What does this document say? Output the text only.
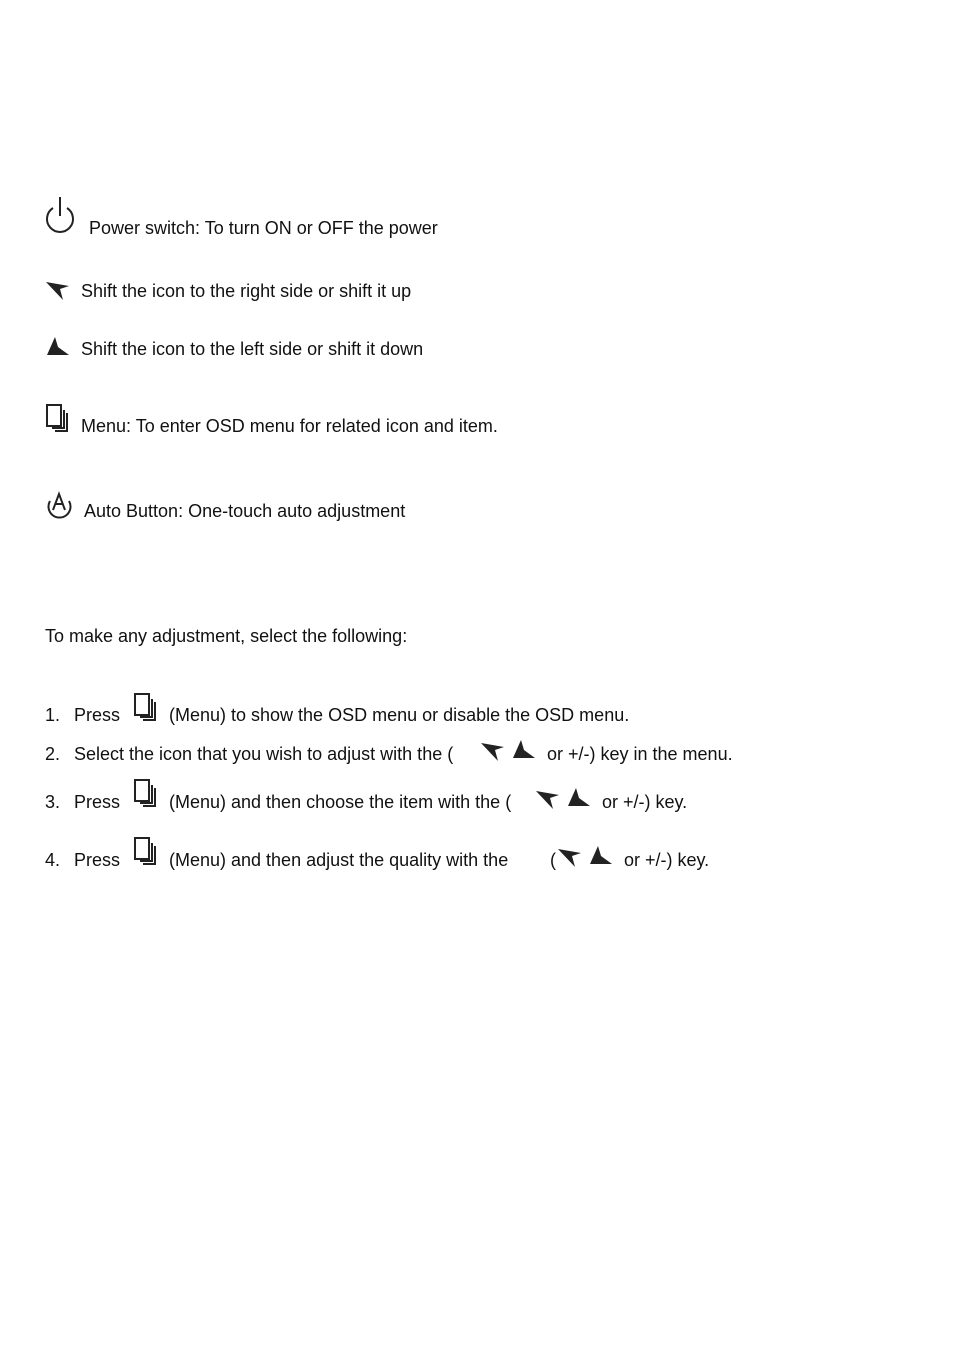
Power switch: To turn ON or OFF the power
Shift the icon to the right side or shift it up
Shift the icon to the left side or shift it down
Menu: To enter OSD menu for related icon and item.
Auto Button: One-touch auto adjustment
To make any adjustment, select the following:
1. Press	(Menu) to show the OSD menu or disable the OSD menu.
2. Select the icon that you wish to adjust with the (	or +/-) key in the menu.
3. Press	(Menu) and then choose the item with the (	or +/-) key.
4. Press	(Menu) and then adjust the quality with the (	or +/-) key.
